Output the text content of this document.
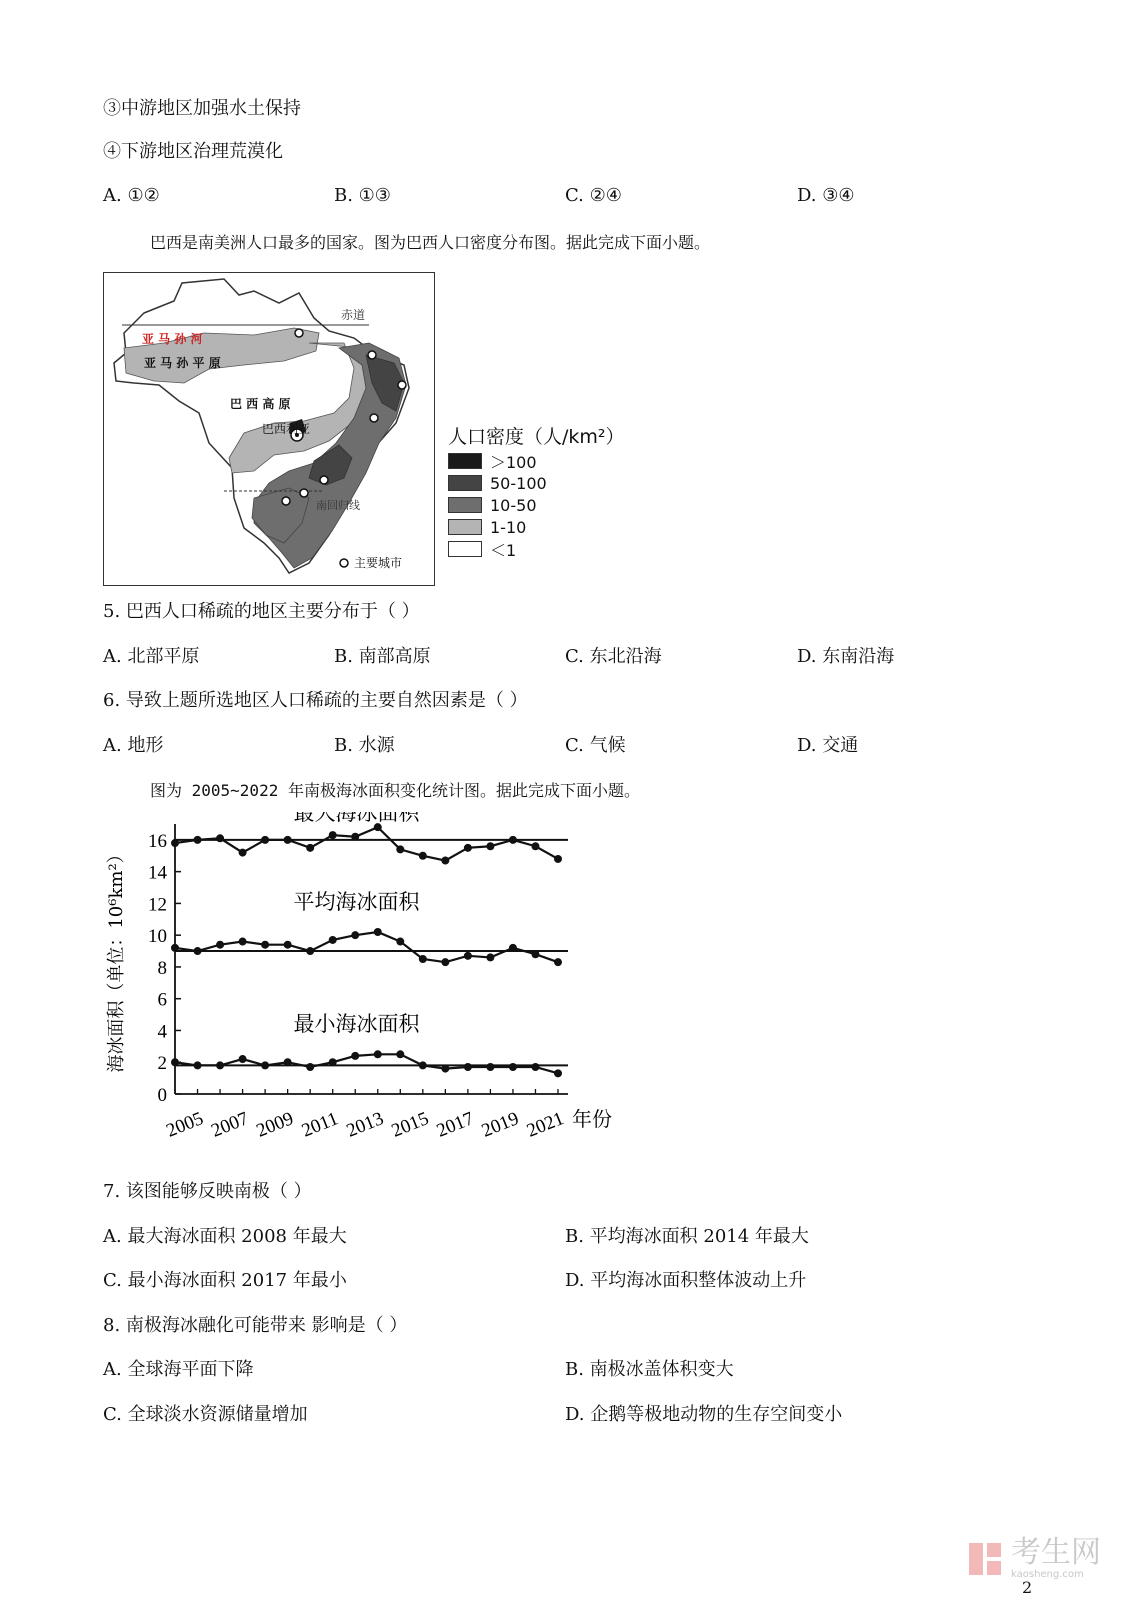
③中游地区加强水土保持
④下游地区治理荒漠化
A. ①②	B. ①③	C. ②④	D. ③④
巴西是南美洲人口最多的国家。图为巴西人口密度分布图。据此完成下面小题。
赤道
亚 马 孙 河
亚 马 孙 平 原
巴 西 高 原
巴西利亚
南回归线
主要城市
人口密度（人/km²）
＞100
50-100
10-50
1-10
＜1
5. 巴西人口稀疏的地区主要分布于（ ）
A. 北部平原	B. 南部高原	C. 东北沿海	D. 东南沿海
6. 导致上题所选地区人口稀疏的主要自然因素是（ ）
A. 地形	B. 水源	C. 气候	D. 交通
图为 2005~2022 年南极海冰面积变化统计图。据此完成下面小题。
0
2
4
6
8
10
12
14
16
2005 2007 2009 2011 2013 2015 2017 2019 2021 年份
海冰面积（单位：10⁶km²）
最大海冰面积
平均海冰面积
最小海冰面积
7. 该图能够反映南极（ ）
A. 最大海冰面积 2008 年最大	B. 平均海冰面积 2014 年最大
C. 最小海冰面积 2017 年最小	D. 平均海冰面积整体波动上升
8. 南极海冰融化可能带来 影响是（ ）
A. 全球海平面下降	B. 南极冰盖体积变大
C. 全球淡水资源储量增加	D. 企鹅等极地动物的生存空间变小
考生网
kaosheng.com
2
